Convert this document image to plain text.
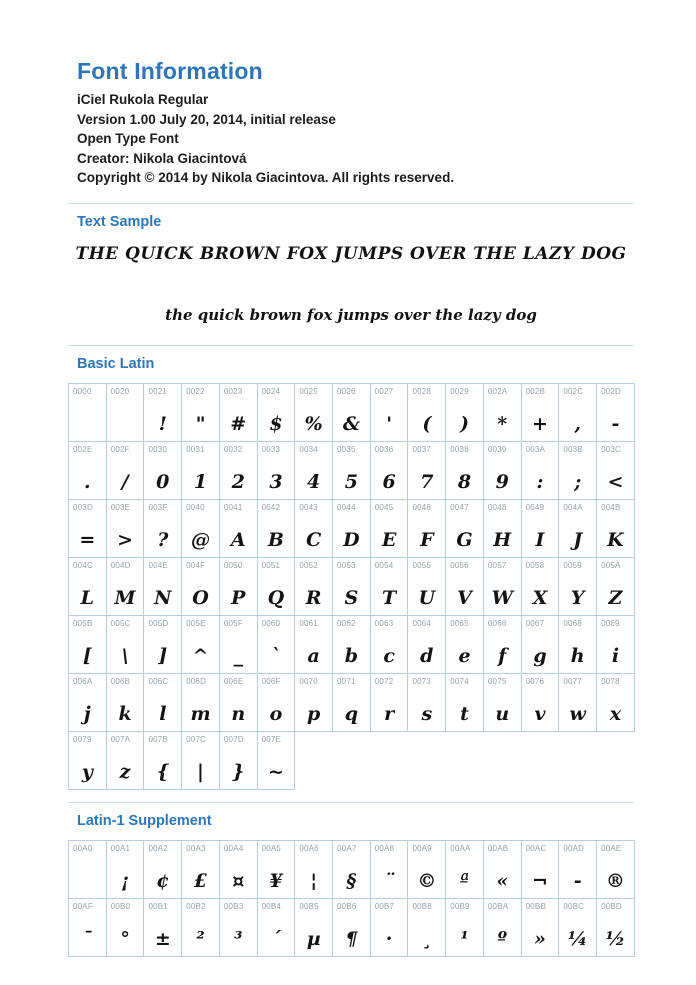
Font Information
iCiel Rukola Regular
Version 1.00 July 20, 2014, initial release
Open Type Font
Creator: Nikola Giacintová
Copyright © 2014 by Nikola Giacintova. All rights reserved.
Text Sample
THE QUICK BROWN FOX JUMPS OVER THE LAZY DOG
the quick brown fox jumps over the lazy dog
Basic Latin
0000 0020 0021
!
0022
"
0023
#
0024
$
0025
%
0026
&
0027
'
0028
(
0029
)
002A
*
002B
+
002C
,
002D
-
002E
.
002F
/
0030
0
0031
1
0032
2
0033
3
0034
4
0035
5
0036
6
0037
7
0038
8
0039
9
003A
:
003B
;
003C
<
003D
=
003E
>
003F
?
0040
@
0041
A
0042
B
0043
C
0044
D
0045
E
0046
F
0047
G
0048
H
0049
I
004A
J
004B
K
004C
L
004D
M
004E
N
004F
O
0050
P
0051
Q
0052
R
0053
S
0054
T
0055
U
0056
V
0057
W
0058
X
0059
Y
005A
Z
005B
[
005C
\
005D
]
005E
^
005F
_
0060
`
0061
a
0062
b
0063
c
0064
d
0065
e
0066
f
0067
g
0068
h
0069
i
006A
j
006B
k
006C
l
006D
m
006E
n
006F
o
0070
p
0071
q
0072
r
0073
s
0074
t
0075
u
0076
v
0077
w
0078
x
0079
y
007A
z
007B
{
007C
|
007D
}
007E
~
Latin-1 Supplement
00A0 00A1
¡
00A2
¢
00A3
£
00A4
¤
00A5
¥
00A6
¦
00A7
§
00A8
¨
00A9
©
00AA
ª
00AB
«
00AC
¬
00AD
-
00AE
®
00AF
¯
00B0
°
00B1
±
00B2
²
00B3
³
00B4
´
00B5
µ
00B6
¶
00B7
·
00B8
¸
00B9
¹
00BA
º
00BB
»
00BC
¼
00BD
½
